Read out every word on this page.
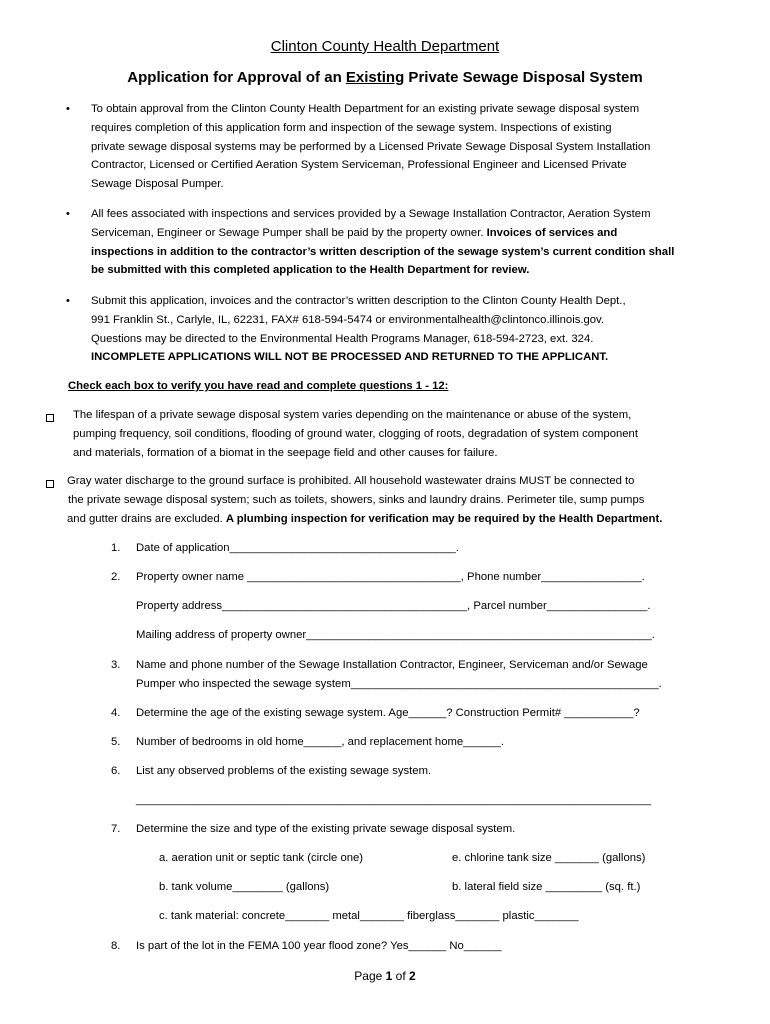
Clinton County Health Department
Application for Approval of an Existing Private Sewage Disposal System
•	To obtain approval from the Clinton County Health Department for an existing private sewage disposal system
requires completion of this application form and inspection of the sewage system. Inspections of existing
private sewage disposal systems may be performed by a Licensed Private Sewage Disposal System Installation
Contractor, Licensed or Certified Aeration System Serviceman, Professional Engineer and Licensed Private
Sewage Disposal Pumper.
•	All fees associated with inspections and services provided by a Sewage Installation Contractor, Aeration System
Serviceman, Engineer or Sewage Pumper shall be paid by the property owner. Invoices of services and
inspections in addition to the contractor’s written description of the sewage system’s current condition shall
be submitted with this completed application to the Health Department for review.
•	Submit this application, invoices and the contractor’s written description to the Clinton County Health Dept.,
991 Franklin St., Carlyle, IL, 62231, FAX# 618-594-5474 or environmentalhealth@clintonco.illinois.gov.
Questions may be directed to the Environmental Health Programs Manager, 618-594-2723, ext. 324.
INCOMPLETE APPLICATIONS WILL NOT BE PROCESSED AND RETURNED TO THE APPLICANT.
Check each box to verify you have read and complete questions 1 - 12:
The lifespan of a private sewage disposal system varies depending on the maintenance or abuse of the system,
pumping frequency, soil conditions, flooding of ground water, clogging of roots, degradation of system component
and materials, formation of a biomat in the seepage field and other causes for failure.
Gray water discharge to the ground surface is prohibited. All household wastewater drains MUST be connected to
the private sewage disposal system; such as toilets, showers, sinks and laundry drains. Perimeter tile, sump pumps
and gutter drains are excluded. A plumbing inspection for verification may be required by the Health Department.
1.	Date of application____________________________________.
2.	Property owner name __________________________________, Phone number________________.
Property address_______________________________________, Parcel number________________.
Mailing address of property owner_______________________________________________________.
3.	Name and phone number of the Sewage Installation Contractor, Engineer, Serviceman and/or Sewage
Pumper who inspected the sewage system_________________________________________________.
4.	Determine the age of the existing sewage system. Age______? Construction Permit# ___________?
5.	Number of bedrooms in old home______, and replacement home______.
6.	List any observed problems of the existing sewage system.
__________________________________________________________________________________
7.	Determine the size and type of the existing private sewage disposal system.
a. aeration unit or septic tank (circle one)	e. chlorine tank size _______ (gallons)
b. tank volume________ (gallons)	b. lateral field size _________ (sq. ft.)
c. tank material: concrete_______ metal_______ fiberglass_______ plastic_______
8.	Is part of the lot in the FEMA 100 year flood zone? Yes______ No______
Page 1 of 2
